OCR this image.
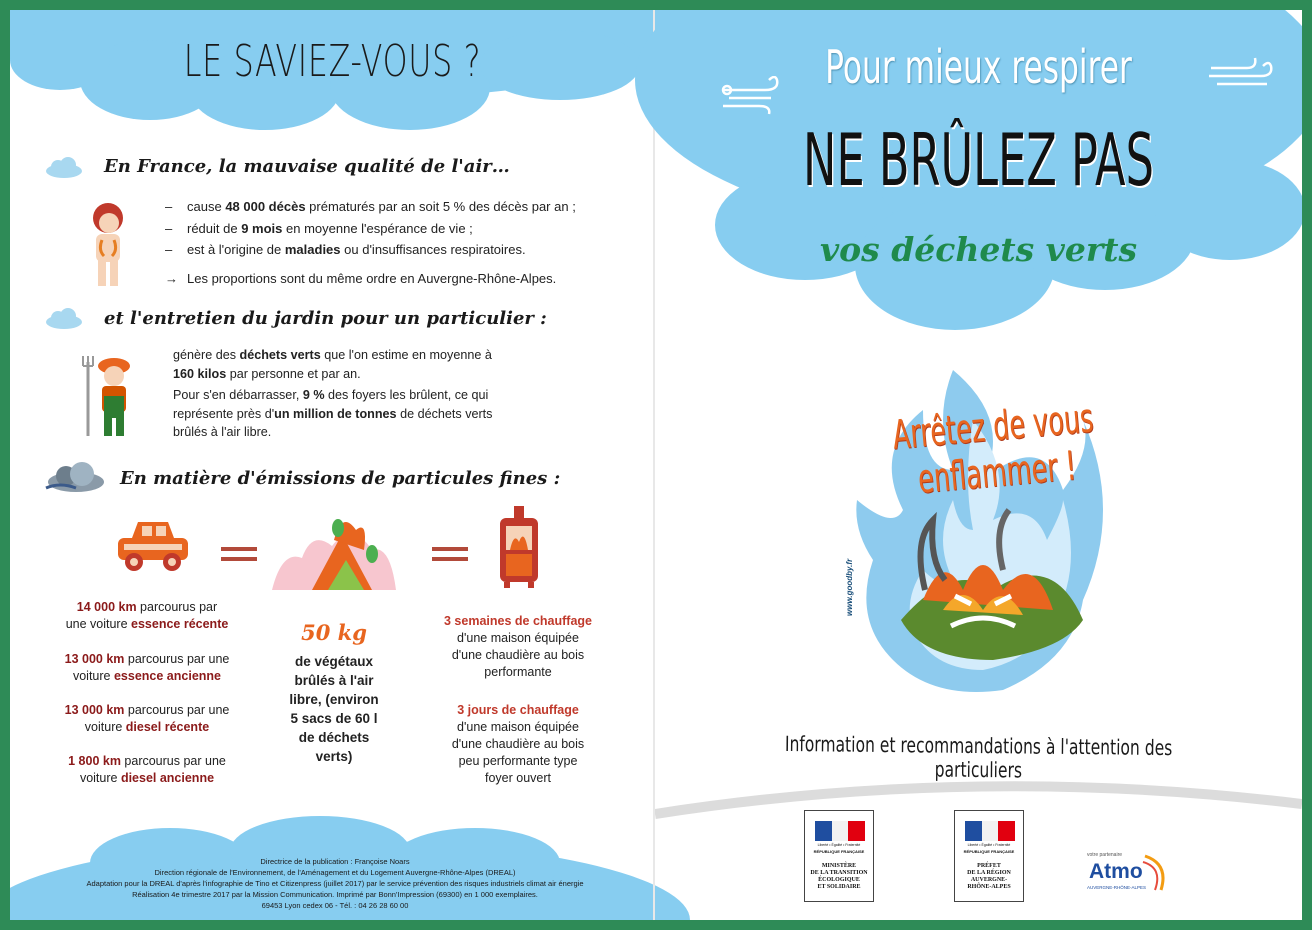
LE SAVIEZ-VOUS ?
En France, la mauvaise qualité de l'air…
– cause 48 000 décès prématurés par an soit 5 % des décès par an ;
– réduit de 9 mois en moyenne l'espérance de vie ;
– est à l'origine de maladies ou d'insuffisances respiratoires.
→ Les proportions sont du même ordre en Auvergne-Rhône-Alpes.
et l'entretien du jardin pour un particulier :
génère des déchets verts que l'on estime en moyenne à
160 kilos par personne et par an.
Pour s'en débarrasser, 9 % des foyers les brûlent, ce qui
représente près d'un million de tonnes de déchets verts
brûlés à l'air libre.
En matière d'émissions de particules fines :
14 000 km parcourus par
une voiture essence récente
13 000 km parcourus par une
voiture essence ancienne
13 000 km parcourus par une
voiture diesel récente
1 800 km parcourus par une
voiture diesel ancienne
50 kg
de végétaux
brûlés à l'air
libre, (environ
5 sacs de 60 l
de déchets
verts)
3 semaines de chauffage
d'une maison équipée
d'une chaudière au bois
performante
3 jours de chauffage
d'une maison équipée
d'une chaudière au bois
peu performante type
foyer ouvert
Directrice de la publication : Françoise Noars
Direction régionale de l'Environnement, de l'Aménagement et du Logement Auvergne-Rhône-Alpes (DREAL)
Adaptation pour la DREAL d'après l'infographie de Tino et Citizenpress (juillet 2017) par le service prévention des risques industriels climat air énergie
Réalisation 4e trimestre 2017 par la Mission Communication. Imprimé par Bonn'Impression (69300) en 1 000 exemplaires.
69453 Lyon cedex 06 - Tél. : 04 26 28 60 00
Pour mieux respirer
NE BRÛLEZ PAS
vos déchets verts
www.goodby.fr
Arrêtez de vous enflammer !
Information et recommandations à l'attention des particuliers
Liberté • Égalité • Fraternité
RÉPUBLIQUE FRANÇAISE
MINISTÈRE
DE LA TRANSITION
ÉCOLOGIQUE
ET SOLIDAIRE
Liberté • Égalité • Fraternité
RÉPUBLIQUE FRANÇAISE
PRÉFET
DE LA RÉGION
AUVERGNE-
RHÔNE-ALPES
votre partenaire
Atmo
AUVERGNE-RHÔNE-ALPES
